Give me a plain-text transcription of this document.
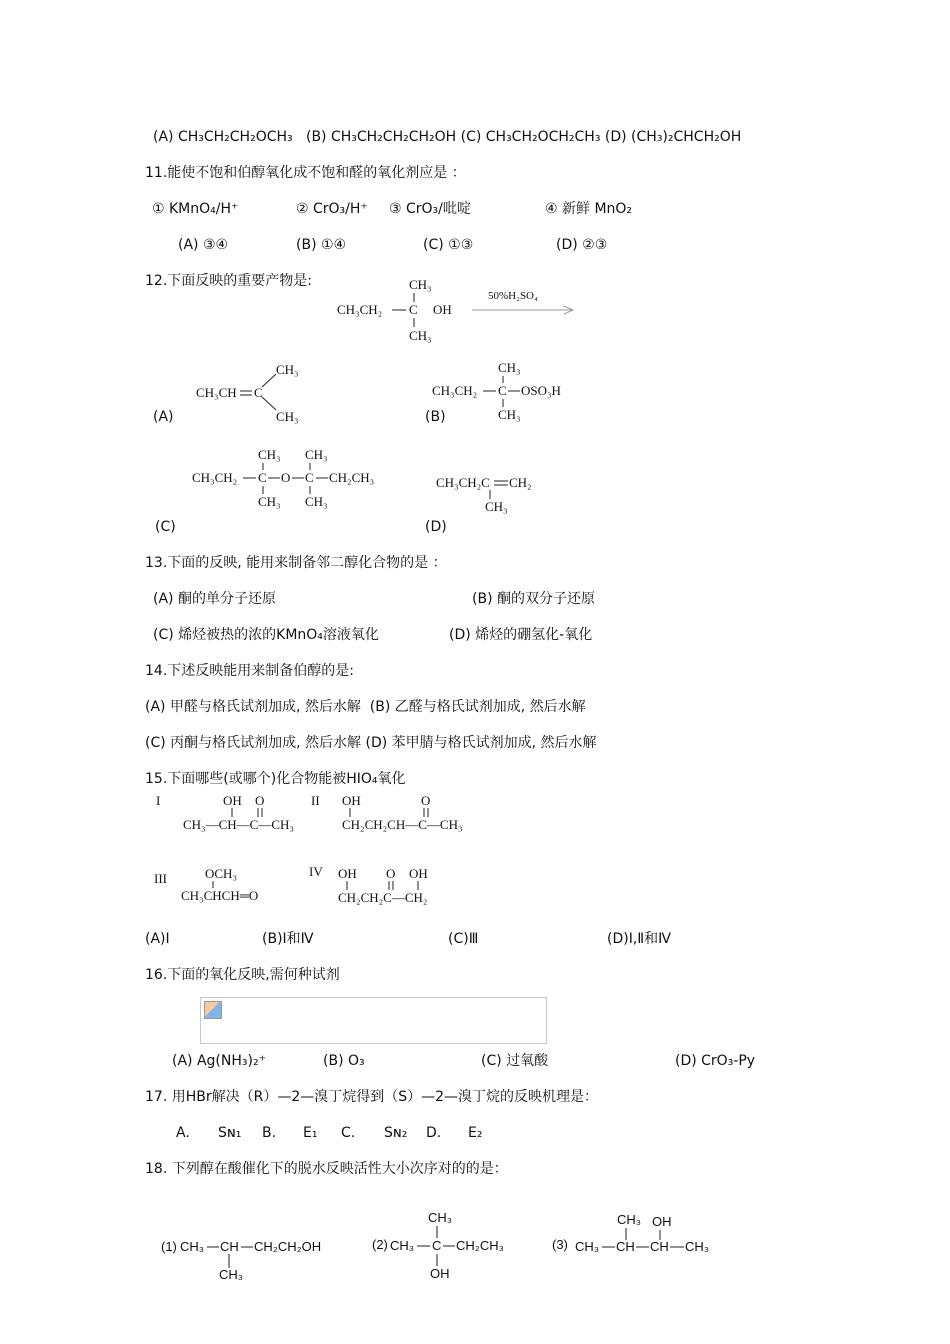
(A) CH₃CH₂CH₂OCH₃   (B) CH₃CH₂CH₂CH₂OH (C) CH₃CH₂OCH₂CH₃ (D) (CH₃)₂CHCH₂OH
11.能使不饱和伯醇氧化成不饱和醛的氧化剂应是 ：
① KMnO₄/H⁺	② CrO₃/H⁺ ③ CrO₃/吡啶	④ 新鲜 MnO₂
(A) ③④	(B) ①④	(C) ①③	(D) ②③
12.下面反映的重要产物是:	CH₃
CH₃CH₂ C OH
CH₃
50%H₂SO₄
(A)
CH₃
CH₃CH C
CH₃	(B)
CH₃
CH₃CH₂ C OSO₃H
CH₃
(C)
CH₃ CH₃
CH₃CH₂ C O C CH₂CH₃
CH₃ CH₃
(D)
CH₃CH₂C CH₂
CH₃
13.下面的反映, 能用来制备邻二醇化合物的是 ：
(A) 酮的单分子还原	(B) 酮的双分子还原
(C) 烯烃被热的浓的KMnO₄溶液氧化	(D) 烯烃的硼氢化-氧化
14.下述反映能用来制备伯醇的是:
(A) 甲醛与格氏试剂加成, 然后水解  (B) 乙醛与格氏试剂加成, 然后水解
(C) 丙酮与格氏试剂加成, 然后水解 (D) 苯甲腈与格氏试剂加成, 然后水解
15.下面哪些(或哪个)化合物能被HIO₄氧化
I	OH O
CH₃—CH—C—CH₃
II OH	O
CH₂CH₂CH—C—CH₃
III	OCH₃
CH₃CHCH═O
IV OH O OH
CH₂CH₂C—CH₂
(A)Ⅰ	(B)Ⅰ和Ⅳ	(C)Ⅲ	(D)Ⅰ,Ⅱ和Ⅳ
16.下面的氧化反映,需何种试剂
(A) Ag(NH₃)₂⁺	(B) O₃	(C) 过氧酸	(D) CrO₃-Py
17. 用HBr解决（R）—2—溴丁烷得到（S）—2—溴丁烷的反映机理是：
A. Sɴ₁ B. E₁ C. Sɴ₂ D. E₂
18. 下列醇在酸催化下的脱水反映活性大小次序对的的是：
(1) CH₃ CH CH₂CH₂OH
CH₃
(2) CH₃ C CH₂CH₃
CH₃
OH
(3) CH₃ CH CH CH₃
CH₃ OH
